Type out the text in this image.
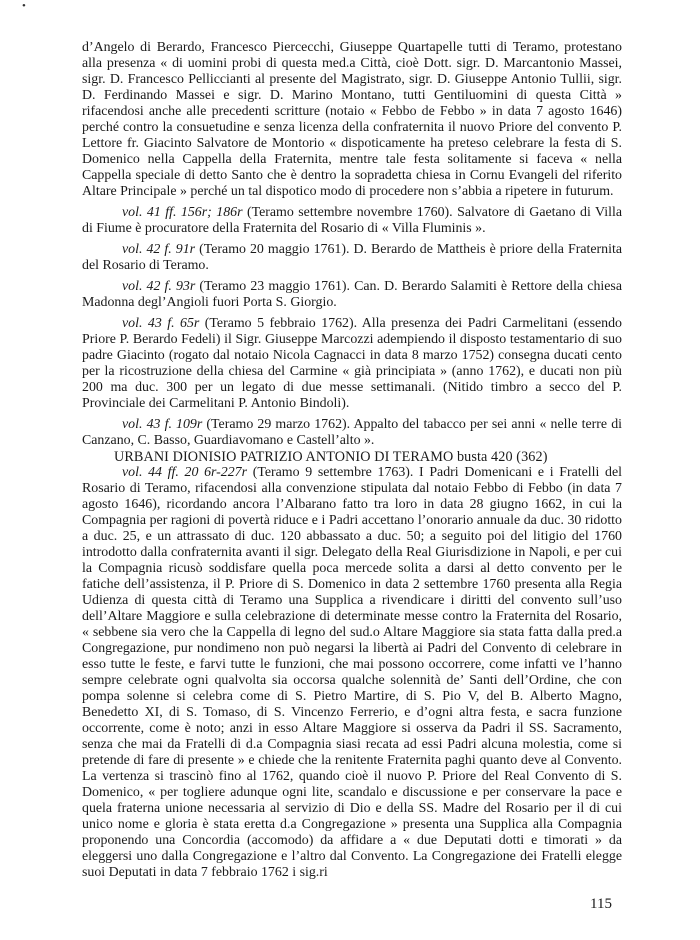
•

d’Angelo di Berardo, Francesco Piercecchi, Giuseppe Quartapelle tutti di Teramo, protestano alla presenza « di uomini probi di questa med.a Città, cioè Dott. sigr. D. Marcantonio Massei, sigr. D. Francesco Pelliccianti al presente del Magistrato, sigr. D. Giuseppe Antonio Tullii, sigr. D. Ferdinando Massei e sigr. D. Marino Montano, tutti Gentiluomini di questa Città » rifacendosi anche alle precedenti scritture (notaio « Febbo de Febbo » in data 7 agosto 1646) perché contro la consuetudine e senza licenza della confraternita il nuovo Priore del convento P. Lettore fr. Giacinto Salvatore de Montorio « dispoticamente ha preteso celebrare la festa di S. Domenico nella Cappella della Fraternita, mentre tale festa solitamente si faceva « nella Cappella speciale di detto Santo che è dentro la sopradetta chiesa in Cornu Evangeli del riferito Altare Principale » perché un tal dispotico modo di procedere non s’abbia a ripetere in futurum.

vol. 41 ff. 156r; 186r (Teramo settembre novembre 1760). Salvatore di Gaetano di Villa di Fiume è procuratore della Fraternita del Rosario di « Villa Fluminis ».

vol. 42 f. 91r (Teramo 20 maggio 1761). D. Berardo de Mattheis è priore della Fraternita del Rosario di Teramo.

vol. 42 f. 93r (Teramo 23 maggio 1761). Can. D. Berardo Salamiti è Rettore della chiesa Madonna degl’Angioli fuori Porta S. Giorgio.

vol. 43 f. 65r (Teramo 5 febbraio 1762). Alla presenza dei Padri Carmelitani (essendo Priore P. Berardo Fedeli) il Sigr. Giuseppe Marcozzi adempiendo il disposto testamentario di suo padre Giacinto (rogato dal notaio Nicola Cagnacci in data 8 marzo 1752) consegna ducati cento per la ricostruzione della chiesa del Carmine « già principiata » (anno 1762), e ducati non più 200 ma duc. 300 per un legato di due messe settimanali. (Nitido timbro a secco del P. Provinciale dei Carmelitani P. Antonio Bindoli).

vol. 43 f. 109r (Teramo 29 marzo 1762). Appalto del tabacco per sei anni « nelle terre di Canzano, C. Basso, Guardiavomano e Castell’alto ».

URBANI DIONISIO PATRIZIO ANTONIO DI TERAMO busta 420 (362)

vol. 44 ff. 20 6r-227r (Teramo 9 settembre 1763). I Padri Domenicani e i Fratelli del Rosario di Teramo, rifacendosi alla convenzione stipulata dal notaio Febbo di Febbo (in data 7 agosto 1646), ricordando ancora l’Albarano fatto tra loro in data 28 giugno 1662, in cui la Compagnia per ragioni di povertà riduce e i Padri accettano l’onorario annuale da duc. 30 ridotto a duc. 25, e un attrassato di duc. 120 abbassato a duc. 50; a seguito poi del litigio del 1760 introdotto dalla confraternita avanti il sigr. Delegato della Real Giurisdizione in Napoli, e per cui la Compagnia ricusò soddisfare quella poca mercede solita a darsi al detto convento per le fatiche dell’assistenza, il P. Priore di S. Domenico in data 2 settembre 1760 presenta alla Regia Udienza di questa città di Teramo una Supplica a rivendicare i diritti del convento sull’uso dell’Altare Maggiore e sulla celebrazione di determinate messe contro la Fraternita del Rosario, « sebbene sia vero che la Cappella di legno del sud.o Altare Maggiore sia stata fatta dalla pred.a Congregazione, pur nondimeno non può negarsi la libertà ai Padri del Convento di celebrare in esso tutte le feste, e farvi tutte le funzioni, che mai possono occorrere, come infatti ve l’hanno sempre celebrate ogni qualvolta sia occorsa qualche solennità de’ Santi dell’Ordine, che con pompa solenne si celebra come di S. Pietro Martire, di S. Pio V, del B. Alberto Magno, Benedetto XI, di S. Tomaso, di S. Vincenzo Ferrerio, e d’ogni altra festa, e sacra funzione occorrente, come è noto; anzi in esso Altare Maggiore si osserva da Padri il SS. Sacramento, senza che mai da Fratelli di d.a Compagnia siasi recata ad essi Padri alcuna molestia, come si pretende di fare di presente » e chiede che la renitente Fraternita paghi quanto deve al Convento. La vertenza si trascinò fino al 1762, quando cioè il nuovo P. Priore del Real Convento di S. Domenico, « per togliere adunque ogni lite, scandalo e discussione e per conservare la pace e quela fraterna unione necessaria al servizio di Dio e della SS. Madre del Rosario per il di cui unico nome e gloria è stata eretta d.a Congregazione » presenta una Supplica alla Compagnia proponendo una Concordia (accomodo) da affidare a « due Deputati dotti e timorati » da eleggersi uno dalla Congregazione e l’altro dal Convento. La Congregazione dei Fratelli elegge suoi Deputati in data 7 febbraio 1762 i sig.ri

115
